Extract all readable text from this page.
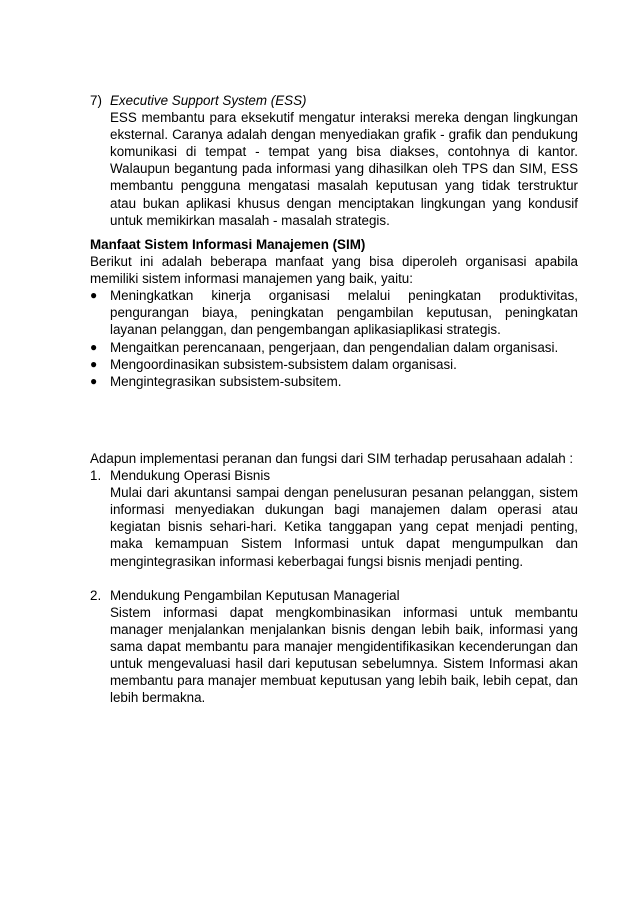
7) Executive Support System (ESS)

ESS membantu para eksekutif mengatur interaksi mereka dengan lingkungan eksternal. Caranya adalah dengan menyediakan grafik - grafik dan pendukung komunikasi di tempat - tempat yang bisa diakses, contohnya di kantor. Walaupun begantung pada informasi yang dihasilkan oleh TPS dan SIM, ESS membantu pengguna mengatasi masalah keputusan yang tidak terstruktur atau bukan aplikasi khusus dengan menciptakan lingkungan yang kondusif untuk memikirkan masalah - masalah strategis.

Manfaat Sistem Informasi Manajemen (SIM)

Berikut ini adalah beberapa manfaat yang bisa diperoleh organisasi apabila memiliki sistem informasi manajemen yang baik, yaitu:

● Meningkatkan kinerja organisasi melalui peningkatan produktivitas, pengurangan biaya, peningkatan pengambilan keputusan, peningkatan layanan pelanggan, dan pengembangan aplikasiaplikasi strategis.

● Mengaitkan perencanaan, pengerjaan, dan pengendalian dalam organisasi.

● Mengoordinasikan subsistem-subsistem dalam organisasi.

● Mengintegrasikan subsistem-subsitem.

Adapun implementasi peranan dan fungsi dari SIM terhadap perusahaan adalah :

1. Mendukung Operasi Bisnis

Mulai dari akuntansi sampai dengan penelusuran pesanan pelanggan, sistem informasi menyediakan dukungan bagi manajemen dalam operasi atau kegiatan bisnis sehari-hari. Ketika tanggapan yang cepat menjadi penting, maka kemampuan Sistem Informasi untuk dapat mengumpulkan dan mengintegrasikan informasi keberbagai fungsi bisnis menjadi penting.

2. Mendukung Pengambilan Keputusan Managerial

Sistem informasi dapat mengkombinasikan informasi untuk membantu manager menjalankan menjalankan bisnis dengan lebih baik, informasi yang sama dapat membantu para manajer mengidentifikasikan kecenderungan dan untuk mengevaluasi hasil dari keputusan sebelumnya. Sistem Informasi akan membantu para manajer membuat keputusan yang lebih baik, lebih cepat, dan lebih bermakna.
